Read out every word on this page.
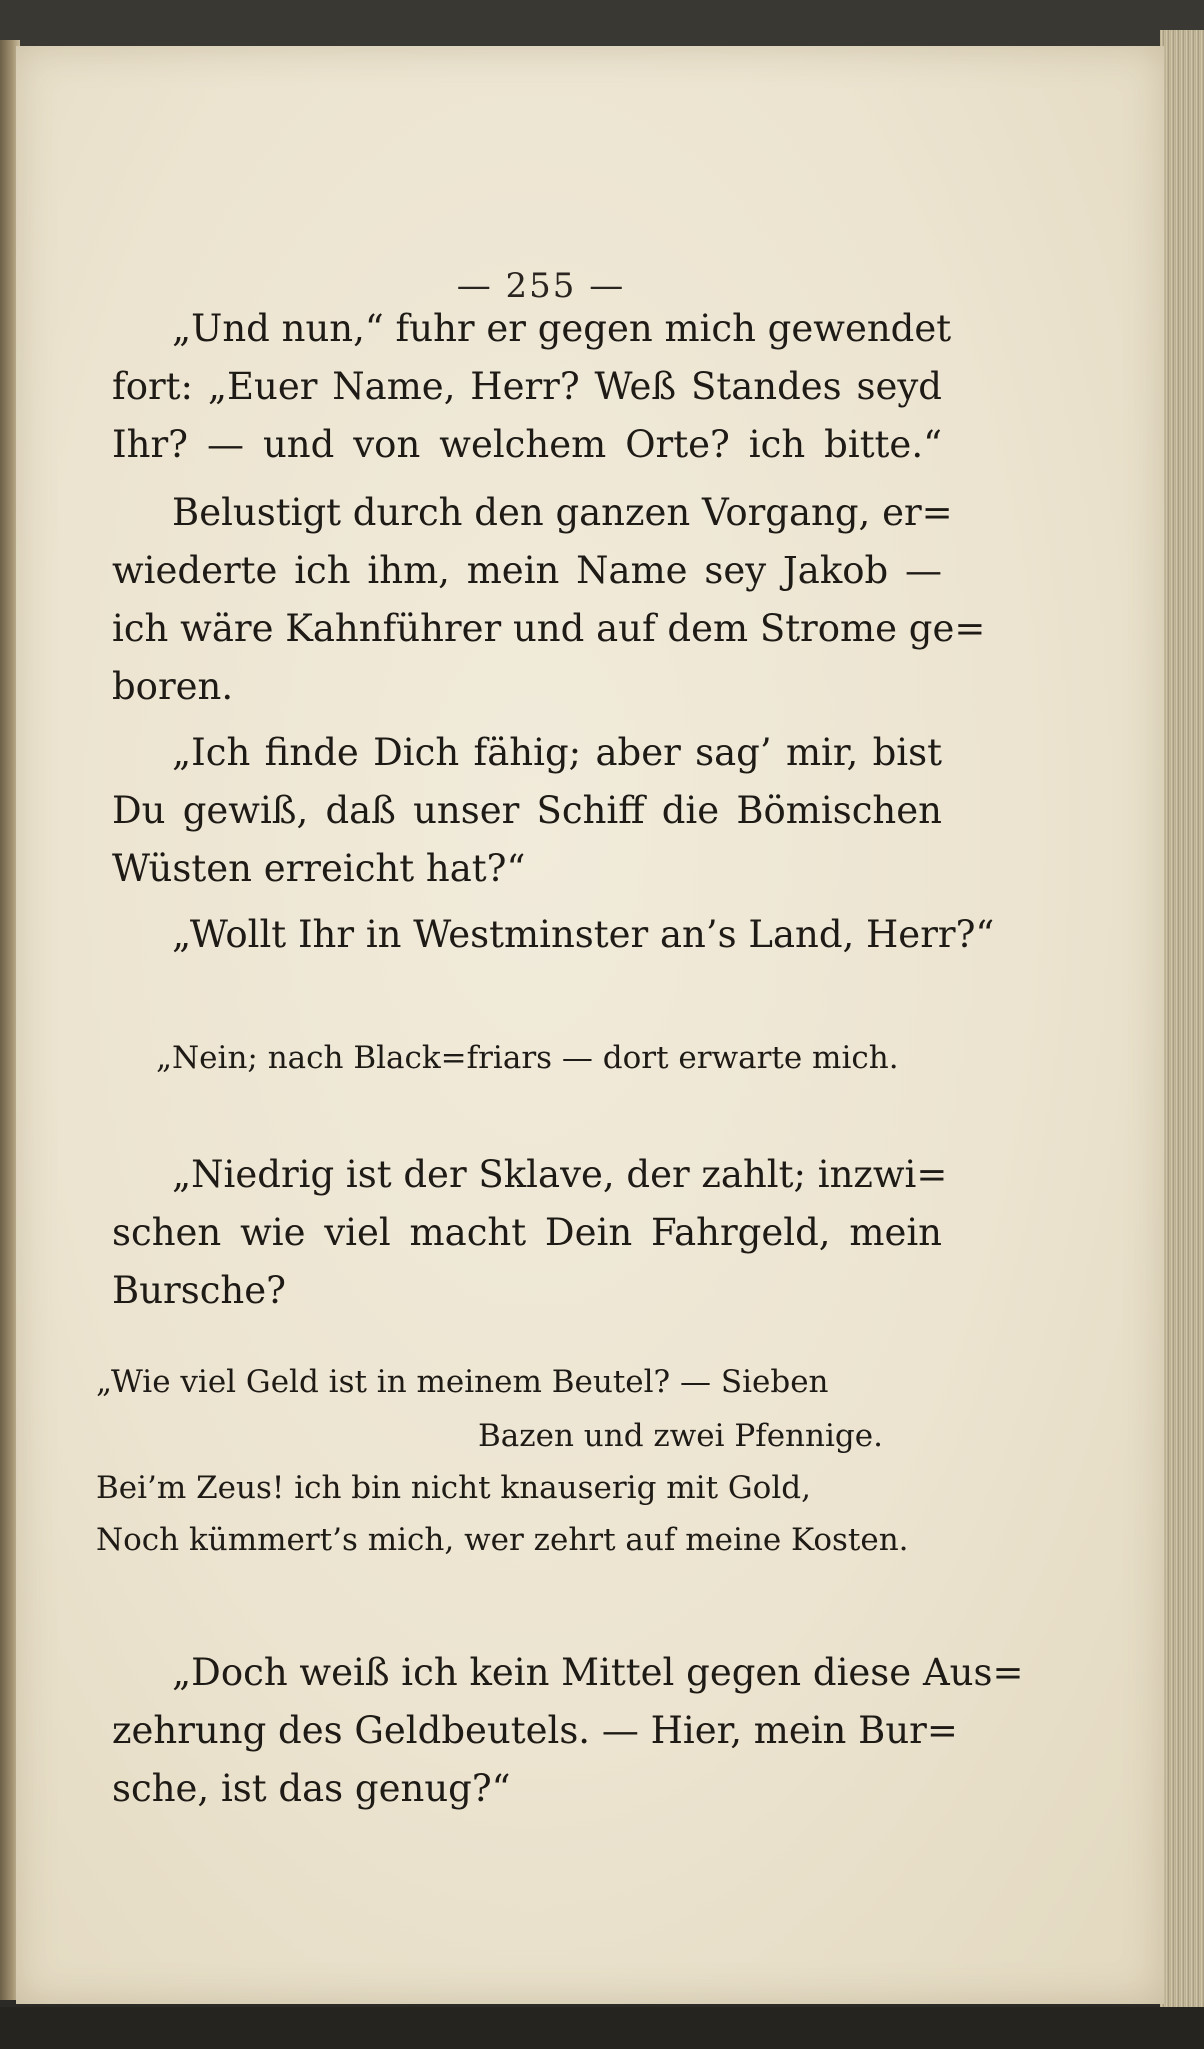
— 255 —
„Und nun,“ fuhr er gegen mich gewendet
fort: „Euer Name, Herr? Weß Standes seyd
Ihr? — und von welchem Orte? ich bitte.“
Belustigt durch den ganzen Vorgang, er=
wiederte ich ihm, mein Name sey Jakob —
ich wäre Kahnführer und auf dem Strome ge=
boren.
„Ich finde Dich fähig; aber sag’ mir, bist
Du gewiß, daß unser Schiff die Bömischen
Wüsten erreicht hat?“
„Wollt Ihr in Westminster an’s Land, Herr?“
„Nein; nach Black=friars — dort erwarte mich.
„Niedrig ist der Sklave, der zahlt; inzwi=
schen wie viel macht Dein Fahrgeld, mein
Bursche?
„Wie viel Geld ist in meinem Beutel? — Sieben
Bazen und zwei Pfennige.
Bei’m Zeus! ich bin nicht knauserig mit Gold,
Noch kümmert’s mich, wer zehrt auf meine Kosten.
„Doch weiß ich kein Mittel gegen diese Aus=
zehrung des Geldbeutels. — Hier, mein Bur=
sche, ist das genug?“
